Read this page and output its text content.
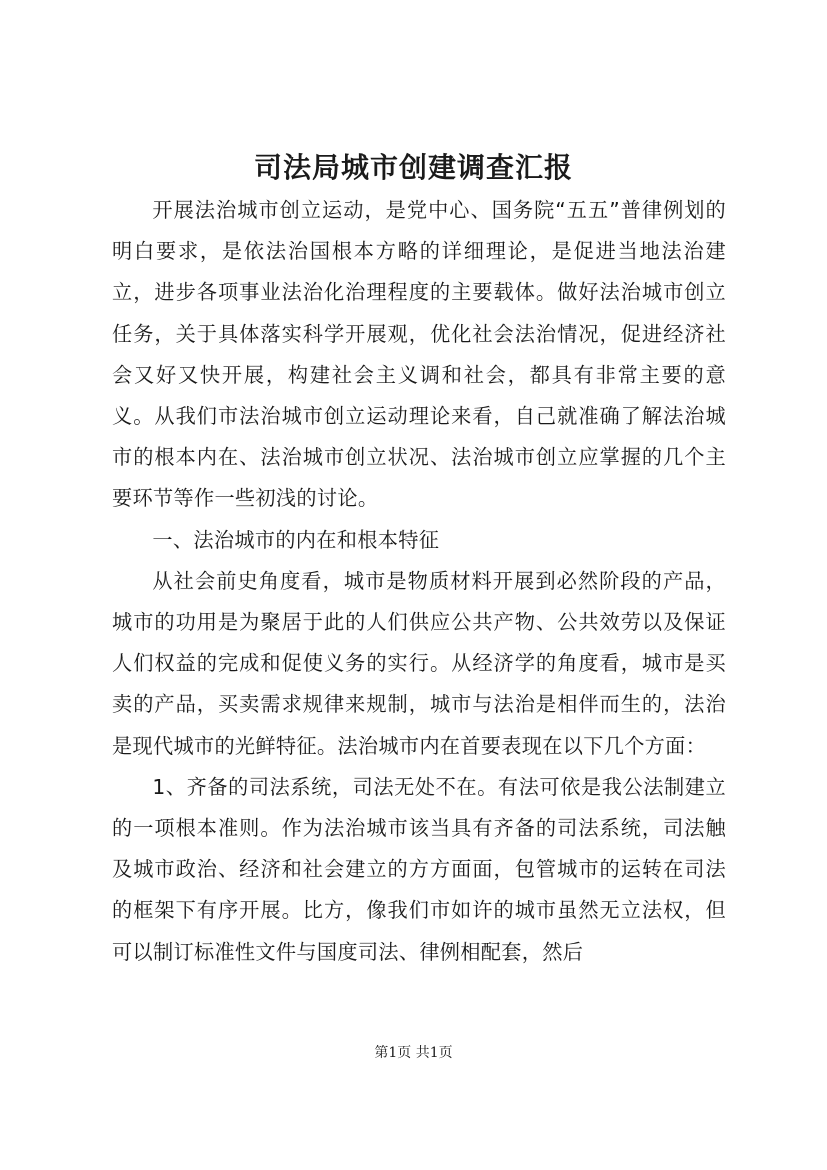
司法局城市创建调查汇报

开展法治城市创立运动，是党中心、国务院“五五”普律例划的明白要求，是依法治国根本方略的详细理论，是促进当地法治建立，进步各项事业法治化治理程度的主要载体。做好法治城市创立任务，关于具体落实科学开展观，优化社会法治情况，促进经济社会又好又快开展，构建社会主义调和社会，都具有非常主要的意义。从我们市法治城市创立运动理论来看，自己就准确了解法治城市的根本内在、法治城市创立状况、法治城市创立应掌握的几个主要环节等作一些初浅的讨论。

一、法治城市的内在和根本特征

从社会前史角度看，城市是物质材料开展到必然阶段的产品，城市的功用是为聚居于此的人们供应公共产物、公共效劳以及保证人们权益的完成和促使义务的实行。从经济学的角度看，城市是买卖的产品，买卖需求规律来规制，城市与法治是相伴而生的，法治是现代城市的光鲜特征。法治城市内在首要表现在以下几个方面：

1、齐备的司法系统，司法无处不在。有法可依是我公法制建立的一项根本准则。作为法治城市该当具有齐备的司法系统，司法触及城市政治、经济和社会建立的方方面面，包管城市的运转在司法的框架下有序开展。比方，像我们市如许的城市虽然无立法权，但可以制订标准性文件与国度司法、律例相配套，然后

第1页 共1页
